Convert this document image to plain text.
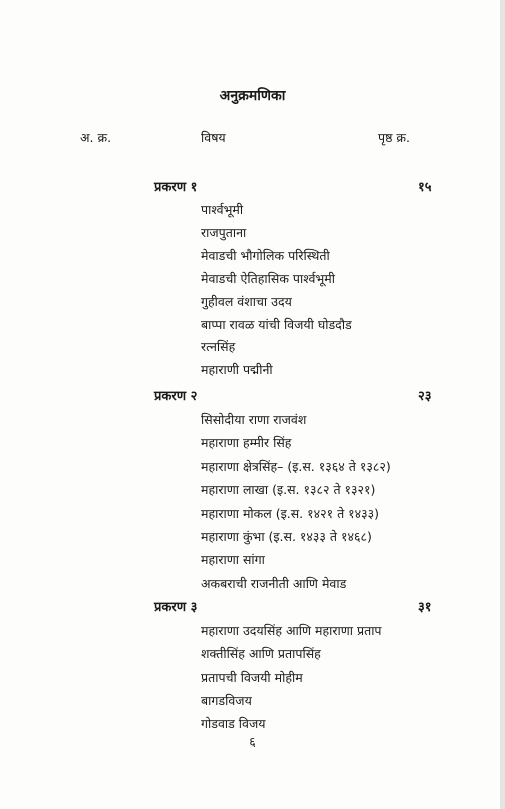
अनुक्रमणिका
अ. क्र.	विषय	पृष्ठ क्र.
प्रकरण १	१५
पार्श्वभूमी
राजपुताना
मेवाडची भौगोलिक परिस्थिती
मेवाडची ऐतिहासिक पार्श्वभूमी
गुहीवल वंशाचा उदय
बाप्पा रावळ यांची विजयी घोडदौड
रत्नसिंह
महाराणी पद्मीनी
प्रकरण २	२३
सिसोदीया राणा राजवंश
महाराणा हम्मीर सिंह
महाराणा क्षेत्रसिंह– (इ.स. १३६४ ते १३८२)
महाराणा लाखा (इ.स. १३८२ ते १३२१)
महाराणा मोकल (इ.स. १४२१ ते १४३३)
महाराणा कुंभा (इ.स. १४३३ ते १४६८)
महाराणा सांगा
अकबराची राजनीती आणि मेवाड
प्रकरण ३	३१
महाराणा उदयसिंह आणि महाराणा प्रताप
शक्तीसिंह आणि प्रतापसिंह
प्रतापची विजयी मोहीम
बागडविजय
गोडवाड विजय
६
